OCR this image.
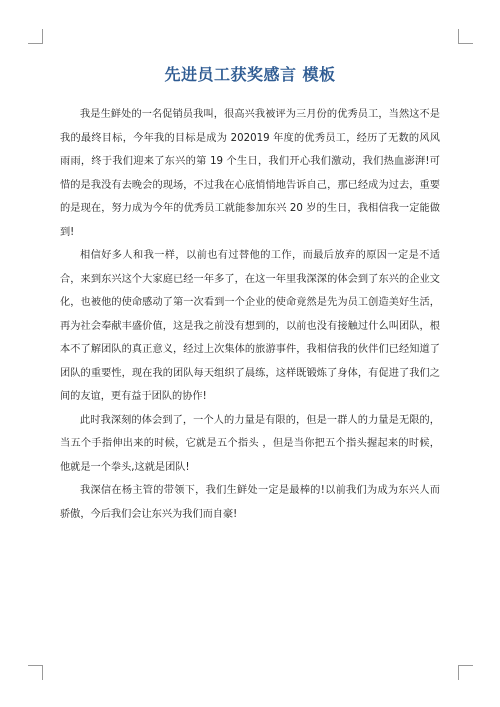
先进员工获奖感言 模板

我是生鲜处的一名促销员我叫，很高兴我被评为三月份的优秀员工，当然这不是我的最终目标，今年我的目标是成为 202019 年度的优秀员工，经历了无数的风风雨雨，终于我们迎来了东兴的第 19 个生日，我们开心我们激动，我们热血澎湃!可惜的是我没有去晚会的现场，不过我在心底悄悄地告诉自己，那已经成为过去，重要的是现在，努力成为今年的优秀员工就能参加东兴 20 岁的生日，我相信我一定能做到!

相信好多人和我一样，以前也有过替他的工作，而最后放弃的原因一定是不适合，来到东兴这个大家庭已经一年多了，在这一年里我深深的体会到了东兴的企业文化，也被他的使命感动了第一次看到一个企业的使命竟然是先为员工创造美好生活，再为社会奉献丰盛价值，这是我之前没有想到的，以前也没有接触过什么叫团队，根本不了解团队的真正意义，经过上次集体的旅游事件，我相信我的伙伴们已经知道了团队的重要性，现在我的团队每天组织了晨练，这样既锻炼了身体，有促进了我们之间的友谊，更有益于团队的协作!

此时我深刻的体会到了，一个人的力量是有限的，但是一群人的力量是无限的，当五个手指伸出来的时候，它就是五个指头 ，但是当你把五个指头握起来的时候，他就是一个拳头,这就是团队!

我深信在杨主管的带领下，我们生鲜处一定是最棒的!以前我们为成为东兴人而骄傲，今后我们会让东兴为我们而自豪!
